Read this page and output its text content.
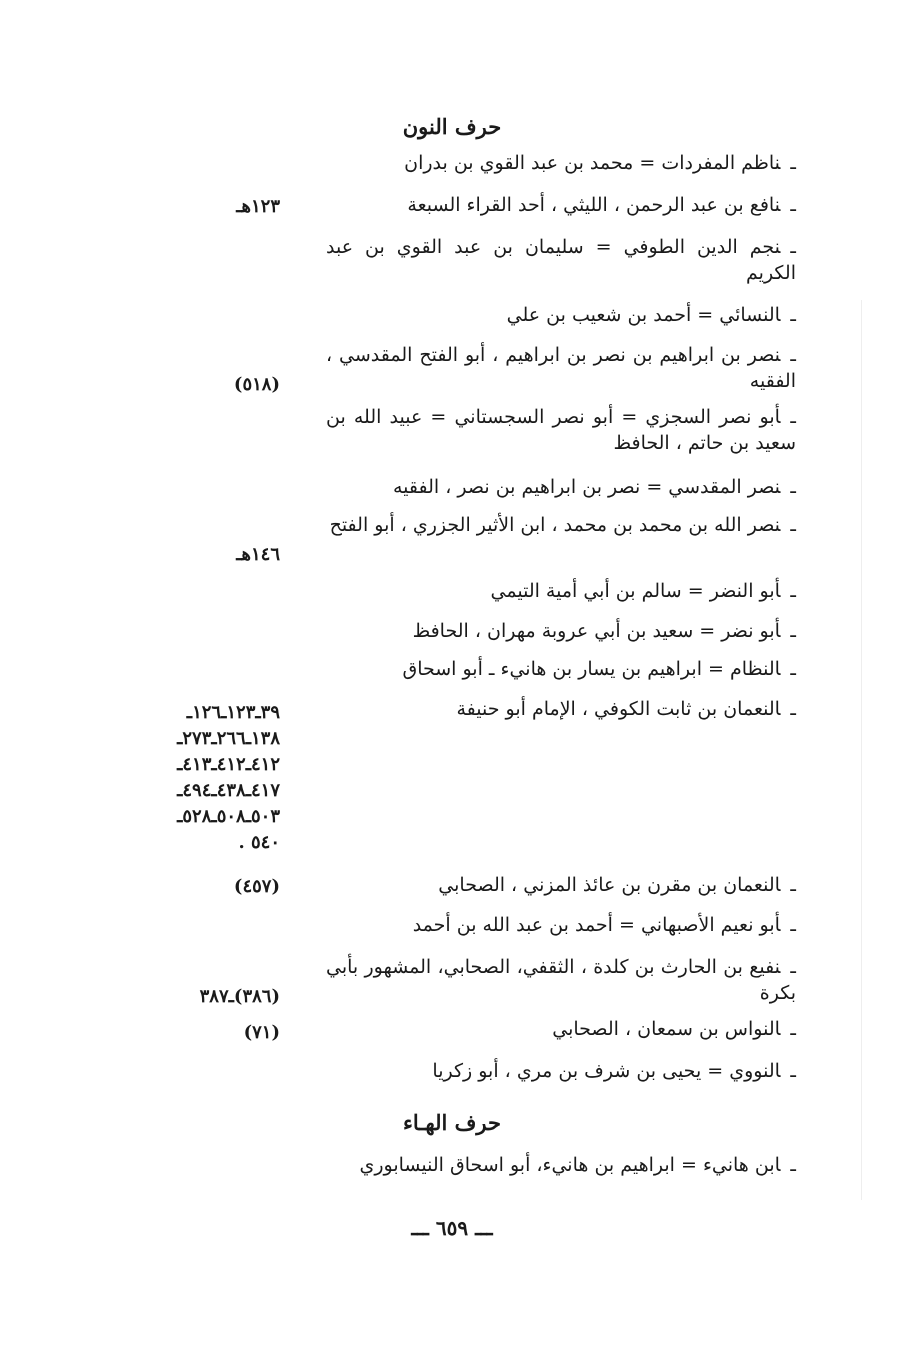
حرف النون
ـناظم المفردات = محمد بن عبد القوي بن بدران
ـنافع بن عبد الرحمن ، الليثي ، أحد القراء السبعة
١٢٣هـ
ـنجم الدين الطوفي = سليمان بن عبد القوي بن عبد الكريم
ـالنسائي = أحمد بن شعيب بن علي
ـنصر بن ابراهيم بن نصر بن ابراهيم ، أبو الفتح المقدسي ، الفقيه
(٥١٨)
ـأبو نصر السجزي = أبو نصر السجستاني = عبيد الله بن سعيد بن حاتم ، الحافظ
ـنصر المقدسي = نصر بن ابراهيم بن نصر ، الفقيه
ـنصر الله بن محمد بن محمد ، ابن الأثير الجزري ، أبو الفتح
١٤٦هـ
ـأبو النضر = سالم بن أبي أمية التيمي
ـأبو نضر = سعيد بن أبي عروبة مهران ، الحافظ
ـالنظام = ابراهيم بن يسار بن هانيء ـ أبو اسحاق
ـالنعمان بن ثابت الكوفي ، الإمام أبو حنيفة
٣٩ـ١٢٣ـ١٢٦ـ
١٣٨ـ٢٦٦ـ٢٧٣ـ
٤١٢ـ٤١٢ـ٤١٣ـ
٤١٧ـ٤٣٨ـ٤٩٤ـ
٥٠٣ـ٥٠٨ـ٥٢٨ـ
٥٤٠ .
ـالنعمان بن مقرن بن عائذ المزني ، الصحابي
(٤٥٧)
ـأبو نعيم الأصبهاني = أحمد بن عبد الله بن أحمد
ـنفيع بن الحارث بن كلدة ، الثقفي، الصحابي، المشهور بأبي بكرة
(٣٨٦)ـ٣٨٧
ـالنواس بن سمعان ، الصحابي
(٧١)
ـالنووي = يحيى بن شرف بن مري ، أبو زكريا
حرف الهـاء
ـابن هانيء = ابراهيم بن هانيء، أبو اسحاق النيسابوري
ـــ ٦٥٩ ـــ
